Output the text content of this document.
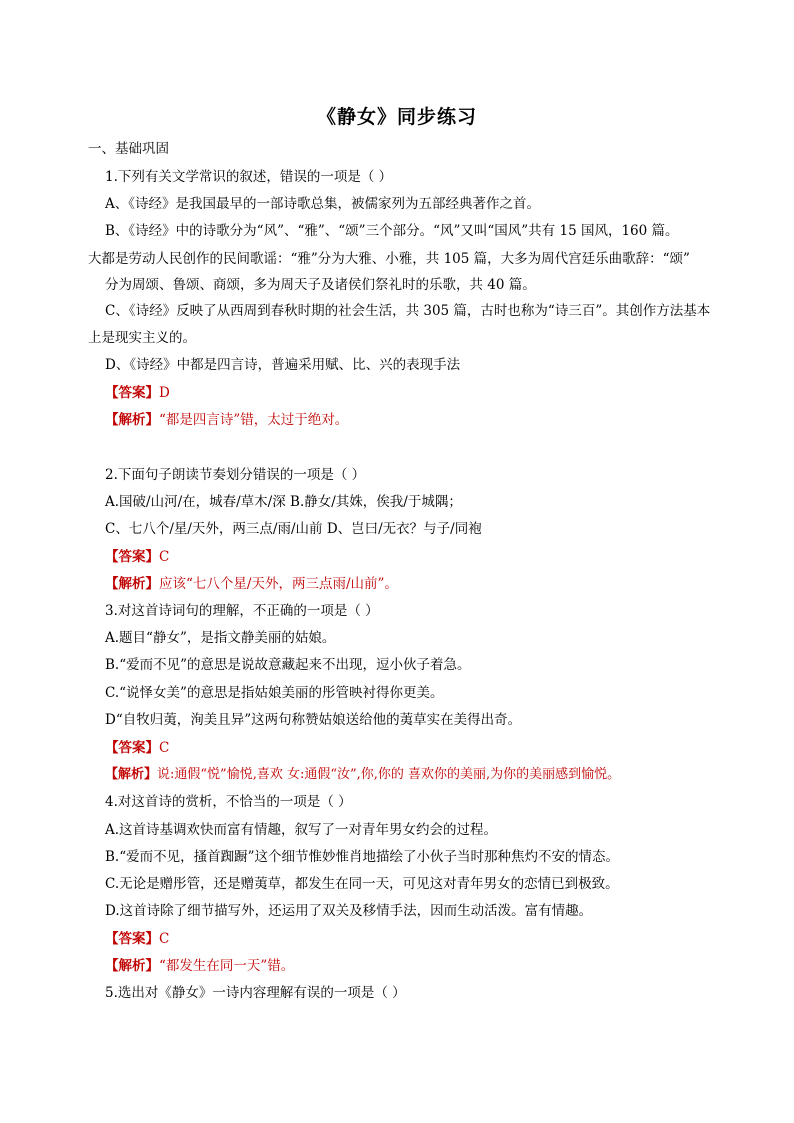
《静女》同步练习
一、基础巩固
1.下列有关文学常识的叙述，错误的一项是（ ）
A、《诗经》是我国最早的一部诗歌总集，被儒家列为五部经典著作之首。
B、《诗经》中的诗歌分为“风”、“雅”、“颂”三个部分。“风”又叫“国风”共有 15 国风，160 篇。
大都是劳动人民创作的民间歌谣：“雅”分为大雅、小雅，共 105 篇，大多为周代宫廷乐曲歌辞：“颂”
分为周颂、鲁颂、商颂，多为周天子及诸侯们祭礼时的乐歌，共 40 篇。
C、《诗经》反映了从西周到春秋时期的社会生活，共 305 篇，古时也称为“诗三百”。其创作方法基本
上是现实主义的。
D、《诗经》中都是四言诗，普遍采用赋、比、兴的表现手法
【答案】D
【解析】“都是四言诗”错，太过于绝对。
2.下面句子朗读节奏划分错误的一项是（ ）
A.国破/山河/在，城春/草木/深 B.静女/其姝，俟我/于城隅；
C、七八个/星/天外，两三点/雨/山前 D、岂曰/无衣？与子/同袍
【答案】C
【解析】应该“七八个星/天外，两三点雨/山前”。
3.对这首诗词句的理解，不正确的一项是（ ）
A.题目“静女”，是指文静美丽的姑娘。
B.“爱而不见”的意思是说故意藏起来不出现，逗小伙子着急。
C.“说怿女美”的意思是指姑娘美丽的彤管映衬得你更美。
D“自牧归荑，洵美且异”这两句称赞姑娘送给他的荑草实在美得出奇。
【答案】C
【解析】说:通假“悦”愉悦,喜欢 女:通假“汝”,你,你的 喜欢你的美丽,为你的美丽感到愉悦。
4.对这首诗的赏析，不恰当的一项是（ ）
A.这首诗基调欢快而富有情趣，叙写了一对青年男女约会的过程。
B.“爱而不见，搔首踟蹰”这个细节惟妙惟肖地描绘了小伙子当时那种焦灼不安的情态。
C.无论是赠彤管，还是赠荑草，都发生在同一天，可见这对青年男女的恋情已到极致。
D.这首诗除了细节描写外，还运用了双关及移情手法，因而生动活泼。富有情趣。
【答案】C
【解析】“都发生在同一天”错。
5.选出对《静女》一诗内容理解有误的一项是（ ）
